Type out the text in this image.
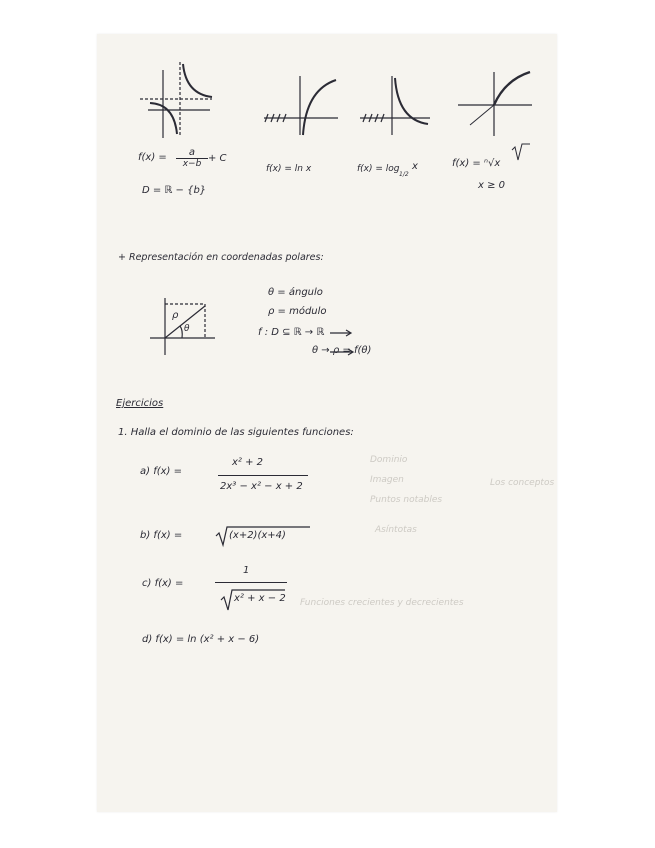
Dominio
Imagen
Puntos notables
Asíntotas
Los conceptos
Funciones crecientes y decrecientes
f(x) =	a
x−b + C
D = ℝ − {b}
f(x) = ln x	f(x) = log
1/2
x	f(x) = ⁿ√x
x ≥ 0
+ Representación en coordenadas polares:
ρ
θ
θ = ángulo
ρ = módulo
f : D ⊆ ℝ → ℝ
θ → ρ = f(θ)
Ejercicios
1. Halla el dominio de las siguientes funciones:
a) f(x) =
x² + 2
2x³ − x² − x + 2
b) f(x) =	(x+2)(x+4)
c) f(x) =
1
x² + x − 2
d) f(x) = ln (x² + x − 6)
